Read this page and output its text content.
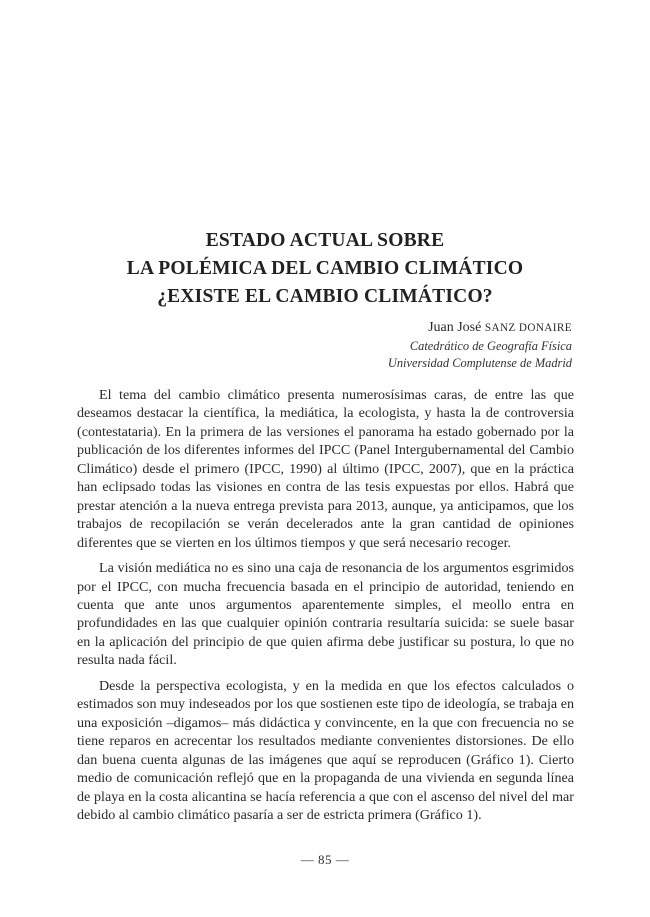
ESTADO ACTUAL SOBRE
LA POLÉMICA DEL CAMBIO CLIMÁTICO
¿EXISTE EL CAMBIO CLIMÁTICO?
Juan José SANZ DONAIRE
Catedrático de Geografía Física
Universidad Complutense de Madrid

El tema del cambio climático presenta numerosísimas caras, de entre las que deseamos destacar la científica, la mediática, la ecologista, y hasta la de controversia (contestataria). En la primera de las versiones el panorama ha estado gobernado por la publicación de los diferentes informes del IPCC (Panel Intergubernamental del Cambio Climático) desde el primero (IPCC, 1990) al último (IPCC, 2007), que en la práctica han eclipsado todas las visiones en contra de las tesis expuestas por ellos. Habrá que prestar atención a la nueva entrega prevista para 2013, aunque, ya anticipamos, que los trabajos de recopilación se verán decelerados ante la gran cantidad de opiniones diferentes que se vierten en los últimos tiempos y que será necesario recoger.

La visión mediática no es sino una caja de resonancia de los argumentos esgrimidos por el IPCC, con mucha frecuencia basada en el principio de autoridad, teniendo en cuenta que ante unos argumentos aparentemente simples, el meollo entra en profundidades en las que cualquier opinión contraria resultaría suicida: se suele basar en la aplicación del principio de que quien afirma debe justificar su postura, lo que no resulta nada fácil.

Desde la perspectiva ecologista, y en la medida en que los efectos calculados o estimados son muy indeseados por los que sostienen este tipo de ideología, se trabaja en una exposición –digamos– más didáctica y convincente, en la que con frecuencia no se tiene reparos en acrecentar los resultados mediante convenientes distorsiones. De ello dan buena cuenta algunas de las imágenes que aquí se reproducen (Gráfico 1). Cierto medio de comunicación reflejó que en la propaganda de una vivienda en segunda línea de playa en la costa alicantina se hacía referencia a que con el ascenso del nivel del mar debido al cambio climático pasaría a ser de estricta primera (Gráfico 1).

— 85 —
